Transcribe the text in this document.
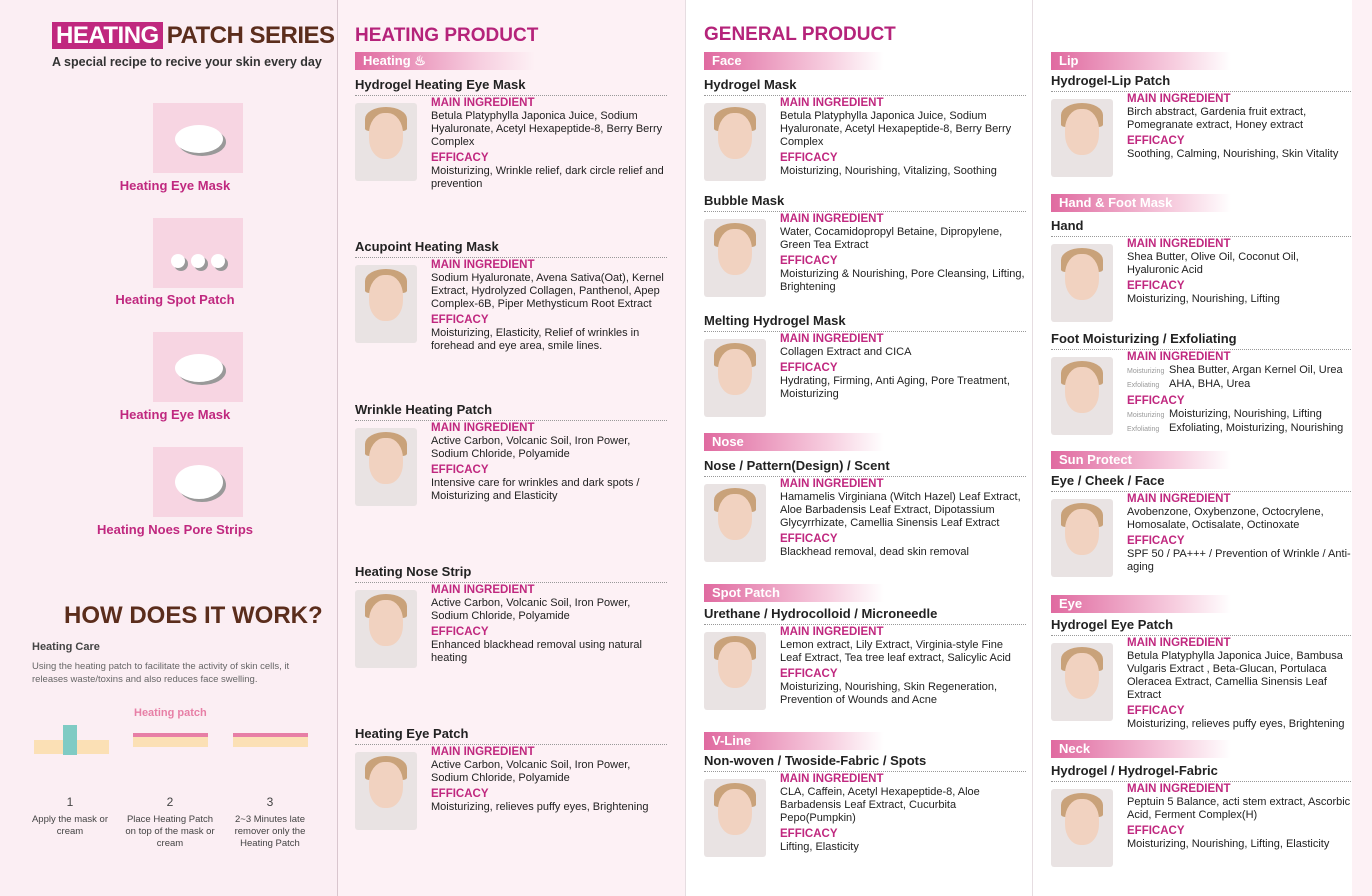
HEATING PATCH SERIES
A special recipe to recive your skin every day
Heating Eye Mask
Heating Spot Patch
Heating Eye Mask
Heating Noes Pore Strips
HOW DOES IT WORK?
Heating Care
Using the heating patch to facilitate the activity of skin cells, it releases waste/toxins and also reduces face swelling.
Heating patch
1
Apply the mask or cream
2
Place Heating Patch on top of the mask or cream
3
2~3 Minutes late remover only the Heating Patch
HEATING PRODUCT
Heating ♨
GENERAL PRODUCT
Face
Nose
Spot Patch
V-Line
Lip
Hand & Foot Mask
Sun Protect
Eye
Neck
Hydrogel Heating Eye Mask
MAIN INGREDIENT
Betula Platyphylla Japonica Juice, Sodium Hyaluronate, Acetyl Hexapeptide-8, Berry Berry Complex
EFFICACY
Moisturizing, Wrinkle relief, dark circle relief and prevention
Acupoint Heating Mask
MAIN INGREDIENT
Sodium Hyaluronate, Avena Sativa(Oat), Kernel Extract, Hydrolyzed Collagen, Panthenol, Apep Complex-6B, Piper Methysticum Root Extract
EFFICACY
Moisturizing, Elasticity, Relief of wrinkles in forehead and eye area, smile lines.
Wrinkle Heating Patch
MAIN INGREDIENT
Active Carbon, Volcanic Soil, Iron Power, Sodium Chloride, Polyamide
EFFICACY
Intensive care for wrinkles and dark spots / Moisturizing and Elasticity
Heating Nose Strip
MAIN INGREDIENT
Active Carbon, Volcanic Soil, Iron Power, Sodium Chloride, Polyamide
EFFICACY
Enhanced blackhead removal using natural heating
Heating Eye Patch
MAIN INGREDIENT
Active Carbon, Volcanic Soil, Iron Power, Sodium Chloride, Polyamide
EFFICACY
Moisturizing, relieves puffy eyes, Brightening
Hydrogel Mask
MAIN INGREDIENT
Betula Platyphylla Japonica Juice, Sodium Hyaluronate, Acetyl Hexapeptide-8, Berry Berry Complex
EFFICACY
Moisturizing, Nourishing, Vitalizing, Soothing
Bubble Mask
MAIN INGREDIENT
Water, Cocamidopropyl Betaine, Dipropylene, Green Tea Extract
EFFICACY
Moisturizing & Nourishing, Pore Cleansing, Lifting, Brightening
Melting Hydrogel Mask
MAIN INGREDIENT
Collagen Extract and CICA
EFFICACY
Hydrating, Firming, Anti Aging, Pore Treatment, Moisturizing
Nose / Pattern(Design) / Scent
MAIN INGREDIENT
Hamamelis Virginiana (Witch Hazel) Leaf Extract, Aloe Barbadensis Leaf Extract, Dipotassium Glycyrrhizate, Camellia Sinensis Leaf Extract
EFFICACY
Blackhead removal, dead skin removal
Urethane / Hydrocolloid / Microneedle
MAIN INGREDIENT
Lemon extract, Lily Extract, Virginia-style Fine Leaf Extract, Tea tree leaf extract, Salicylic Acid
EFFICACY
Moisturizing, Nourishing, Skin Regeneration, Prevention of Wounds and Acne
Non-woven / Twoside-Fabric / Spots
MAIN INGREDIENT
CLA, Caffein, Acetyl Hexapeptide-8, Aloe Barbadensis Leaf Extract, Cucurbita Pepo(Pumpkin)
EFFICACY
Lifting, Elasticity
Hydrogel-Lip Patch
MAIN INGREDIENT
Birch abstract, Gardenia fruit extract, Pomegranate extract, Honey extract
EFFICACY
Soothing, Calming, Nourishing, Skin Vitality
Hand
MAIN INGREDIENT
Shea Butter, Olive Oil, Coconut Oil, Hyaluronic Acid
EFFICACY
Moisturizing, Nourishing, Lifting
Foot Moisturizing / Exfoliating
MAIN INGREDIENT
Moisturizing Shea Butter, Argan Kernel Oil, Urea
Exfoliating AHA, BHA, Urea
EFFICACY
Moisturizing Moisturizing, Nourishing, Lifting
Exfoliating Exfoliating, Moisturizing, Nourishing
Eye / Cheek / Face
MAIN INGREDIENT
Avobenzone, Oxybenzone, Octocrylene, Homosalate, Octisalate, Octinoxate
EFFICACY
SPF 50 / PA+++ / Prevention of Wrinkle / Anti-aging
Hydrogel Eye Patch
MAIN INGREDIENT
Betula Platyphylla Japonica Juice, Bambusa Vulgaris Extract , Beta-Glucan, Portulaca Oleracea Extract, Camellia Sinensis Leaf Extract
EFFICACY
Moisturizing, relieves puffy eyes, Brightening
Hydrogel / Hydrogel-Fabric
MAIN INGREDIENT
Peptuin 5 Balance, acti stem extract, Ascorbic Acid, Ferment Complex(H)
EFFICACY
Moisturizing, Nourishing, Lifting, Elasticity
